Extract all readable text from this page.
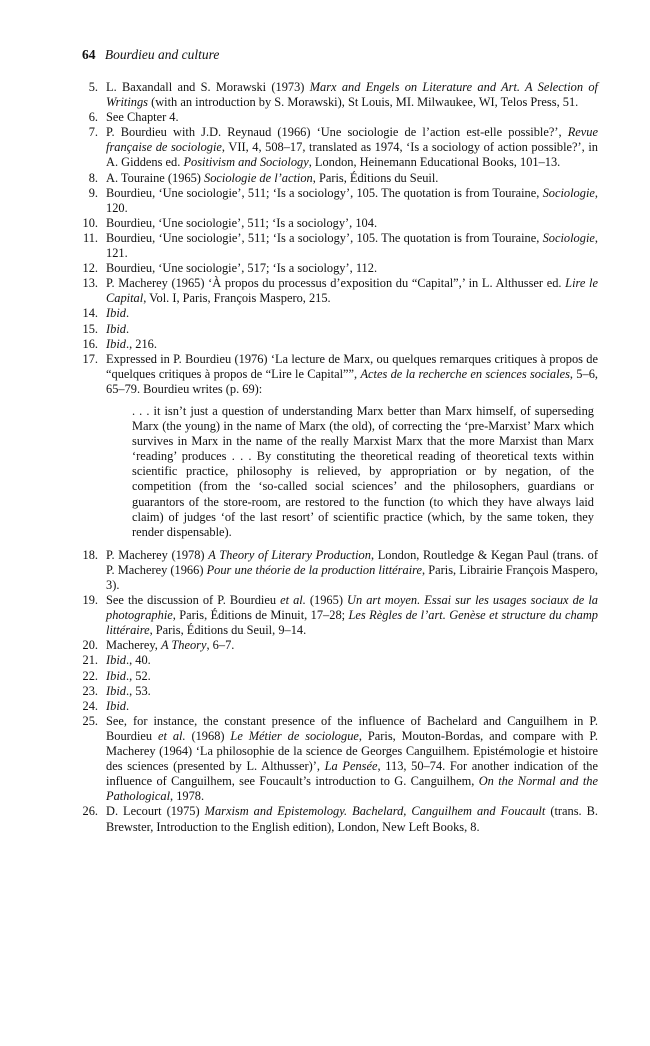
64 Bourdieu and culture
5. L. Baxandall and S. Morawski (1973) Marx and Engels on Literature and Art. A Selection of Writings (with an introduction by S. Morawski), St Louis, MI. Milwaukee, WI, Telos Press, 51.
6. See Chapter 4.
7. P. Bourdieu with J.D. Reynaud (1966) ‘Une sociologie de l’action est-elle possible?’, Revue française de sociologie, VII, 4, 508–17, translated as 1974, ‘Is a sociology of action possible?’, in A. Giddens ed. Positivism and Sociology, London, Heinemann Educational Books, 101–13.
8. A. Touraine (1965) Sociologie de l’action, Paris, Éditions du Seuil.
9. Bourdieu, ‘Une sociologie’, 511; ‘Is a sociology’, 105. The quotation is from Touraine, Sociologie, 120.
10. Bourdieu, ‘Une sociologie’, 511; ‘Is a sociology’, 104.
11. Bourdieu, ‘Une sociologie’, 511; ‘Is a sociology’, 105. The quotation is from Touraine, Sociologie, 121.
12. Bourdieu, ‘Une sociologie’, 517; ‘Is a sociology’, 112.
13. P. Macherey (1965) ‘À propos du processus d’exposition du “Capital”,’ in L. Althusser ed. Lire le Capital, Vol. I, Paris, François Maspero, 215.
14. Ibid.
15. Ibid.
16. Ibid., 216.
17. Expressed in P. Bourdieu (1976) ‘La lecture de Marx, ou quelques remarques critiques à propos de “quelques critiques à propos de “Lire le Capital””, Actes de la recherche en sciences sociales, 5–6, 65–79. Bourdieu writes (p. 69):
. . . it isn’t just a question of understanding Marx better than Marx himself, of superseding Marx (the young) in the name of Marx (the old), of correcting the ‘pre-Marxist’ Marx which survives in Marx in the name of the really Marxist Marx that the more Marxist than Marx ‘reading’ produces . . . By constituting the theoretical reading of theoretical texts within scientific practice, philosophy is relieved, by appropriation or by negation, of the competition (from the ‘so-called social sciences’ and the philosophers, guardians or guarantors of the store-room, are restored to the function (to which they have always laid claim) of judges ‘of the last resort’ of scientific practice (which, by the same token, they render dispensable).
18. P. Macherey (1978) A Theory of Literary Production, London, Routledge & Kegan Paul (trans. of P. Macherey (1966) Pour une théorie de la production littéraire, Paris, Librairie François Maspero, 3).
19. See the discussion of P. Bourdieu et al. (1965) Un art moyen. Essai sur les usages sociaux de la photographie, Paris, Éditions de Minuit, 17–28; Les Règles de l’art. Genèse et structure du champ littéraire, Paris, Éditions du Seuil, 9–14.
20. Macherey, A Theory, 6–7.
21. Ibid., 40.
22. Ibid., 52.
23. Ibid., 53.
24. Ibid.
25. See, for instance, the constant presence of the influence of Bachelard and Canguilhem in P. Bourdieu et al. (1968) Le Métier de sociologue, Paris, Mouton-Bordas, and compare with P. Macherey (1964) ‘La philosophie de la science de Georges Canguilhem. Epistémologie et histoire des sciences (presented by L. Althusser)’, La Pensée, 113, 50–74. For another indication of the influence of Canguilhem, see Foucault’s introduction to G. Canguilhem, On the Normal and the Pathological, 1978.
26. D. Lecourt (1975) Marxism and Epistemology. Bachelard, Canguilhem and Foucault (trans. B. Brewster, Introduction to the English edition), London, New Left Books, 8.
